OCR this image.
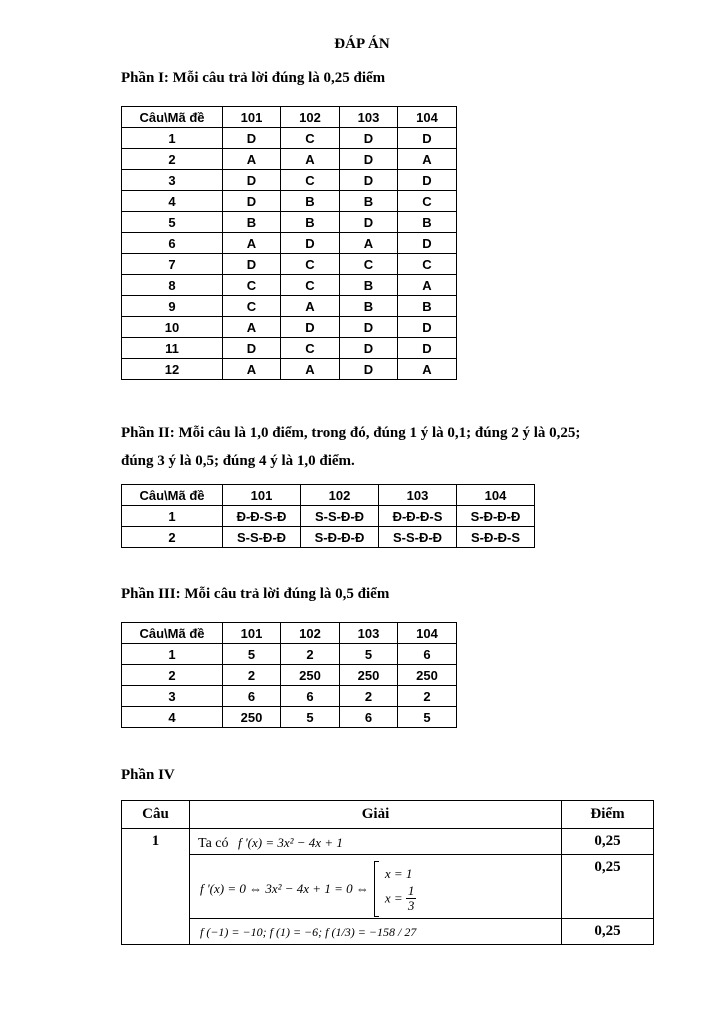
ĐÁP ÁN
Phần I: Mỗi câu trả lời đúng là 0,25 điểm
Câu\Mã đề	101	102	103	104
1	D	C	D	D
2	A	A	D	A
3	D	C	D	D
4	D	B	B	C
5	B	B	D	B
6	A	D	A	D
7	D	C	C	C
8	C	C	B	A
9	C	A	B	B
10	A	D	D	D
11	D	C	D	D
12	A	A	D	A
Phần II: Mỗi câu là 1,0 điểm, trong đó, đúng 1 ý là 0,1; đúng 2 ý là 0,25;
đúng 3 ý là 0,5; đúng 4 ý là 1,0 điểm.
Câu\Mã đề	101	102	103	104
1	Đ-Đ-S-Đ	S-S-Đ-Đ	Đ-Đ-Đ-S	S-Đ-Đ-Đ
2	S-S-Đ-Đ	S-Đ-Đ-Đ	S-S-Đ-Đ	S-Đ-Đ-S
Phần III: Mỗi câu trả lời đúng là 0,5 điểm
Câu\Mã đề	101	102	103	104
1	5	2	5	6
2	2	250	250	250
3	6	6	2	2
4	250	5	6	5
Phần IV
Câu	Giải	Điểm
1	Ta có f '(x) = 3x² − 4x + 1	0,25
	f '(x) = 0 ⇔ 3x² − 4x + 1 = 0 ⇔
x = 1
$x = \frac{1}{3}$	0,25
	f (−1) = −10; f (1) = −6; f (1/3) = −158 / 27	0,25
